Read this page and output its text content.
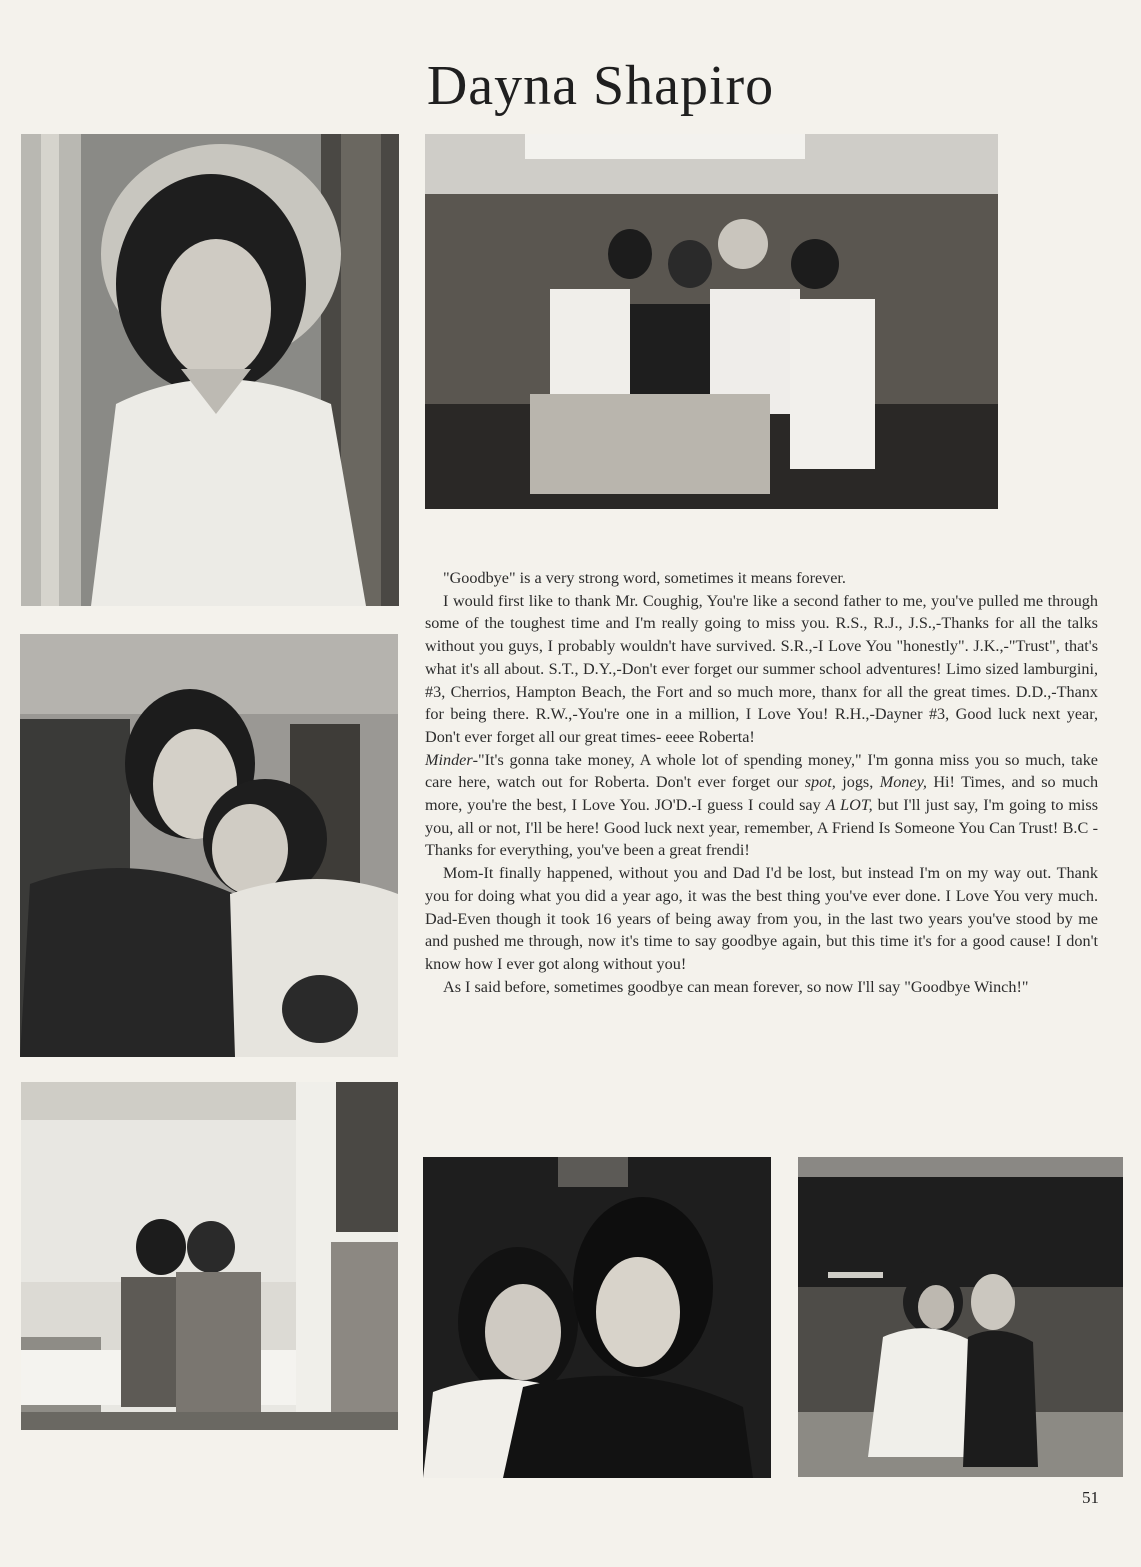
Dayna Shapiro

"Goodbye" is a very strong word, sometimes it means forever.

I would first like to thank Mr. Coughig, You're like a second father to me, you've pulled me through some of the toughest time and I'm really going to miss you. R.S., R.J., J.S.,-Thanks for all the talks without you guys, I probably wouldn't have survived. S.R.,-I Love You "honestly". J.K.,-"Trust", that's what it's all about. S.T., D.Y.,-Don't ever forget our summer school adventures! Limo sized lamburgini, #3, Cherrios, Hampton Beach, the Fort and so much more, thanx for all the great times. D.D.,-Thanx for being there. R.W.,-You're one in a million, I Love You! R.H.,-Dayner #3, Good luck next year, Don't ever forget all our great times- eeee Roberta!
Minder-"It's gonna take money, A whole lot of spending money," I'm gonna miss you so much, take care here, watch out for Roberta. Don't ever forget our spot, jogs, Money, Hi! Times, and so much more, you're the best, I Love You. JO'D.-I guess I could say A LOT, but I'll just say, I'm going to miss you, all or not, I'll be here! Good luck next year, remember, A Friend Is Someone You Can Trust! B.C - Thanks for everything, you've been a great frendi!

Mom-It finally happened, without you and Dad I'd be lost, but instead I'm on my way out. Thank you for doing what you did a year ago, it was the best thing you've ever done. I Love You very much. Dad-Even though it took 16 years of being away from you, in the last two years you've stood by me and pushed me through, now it's time to say goodbye again, but this time it's for a good cause! I don't know how I ever got along without you!

As I said before, sometimes goodbye can mean forever, so now I'll say "Goodbye Winch!"

51
